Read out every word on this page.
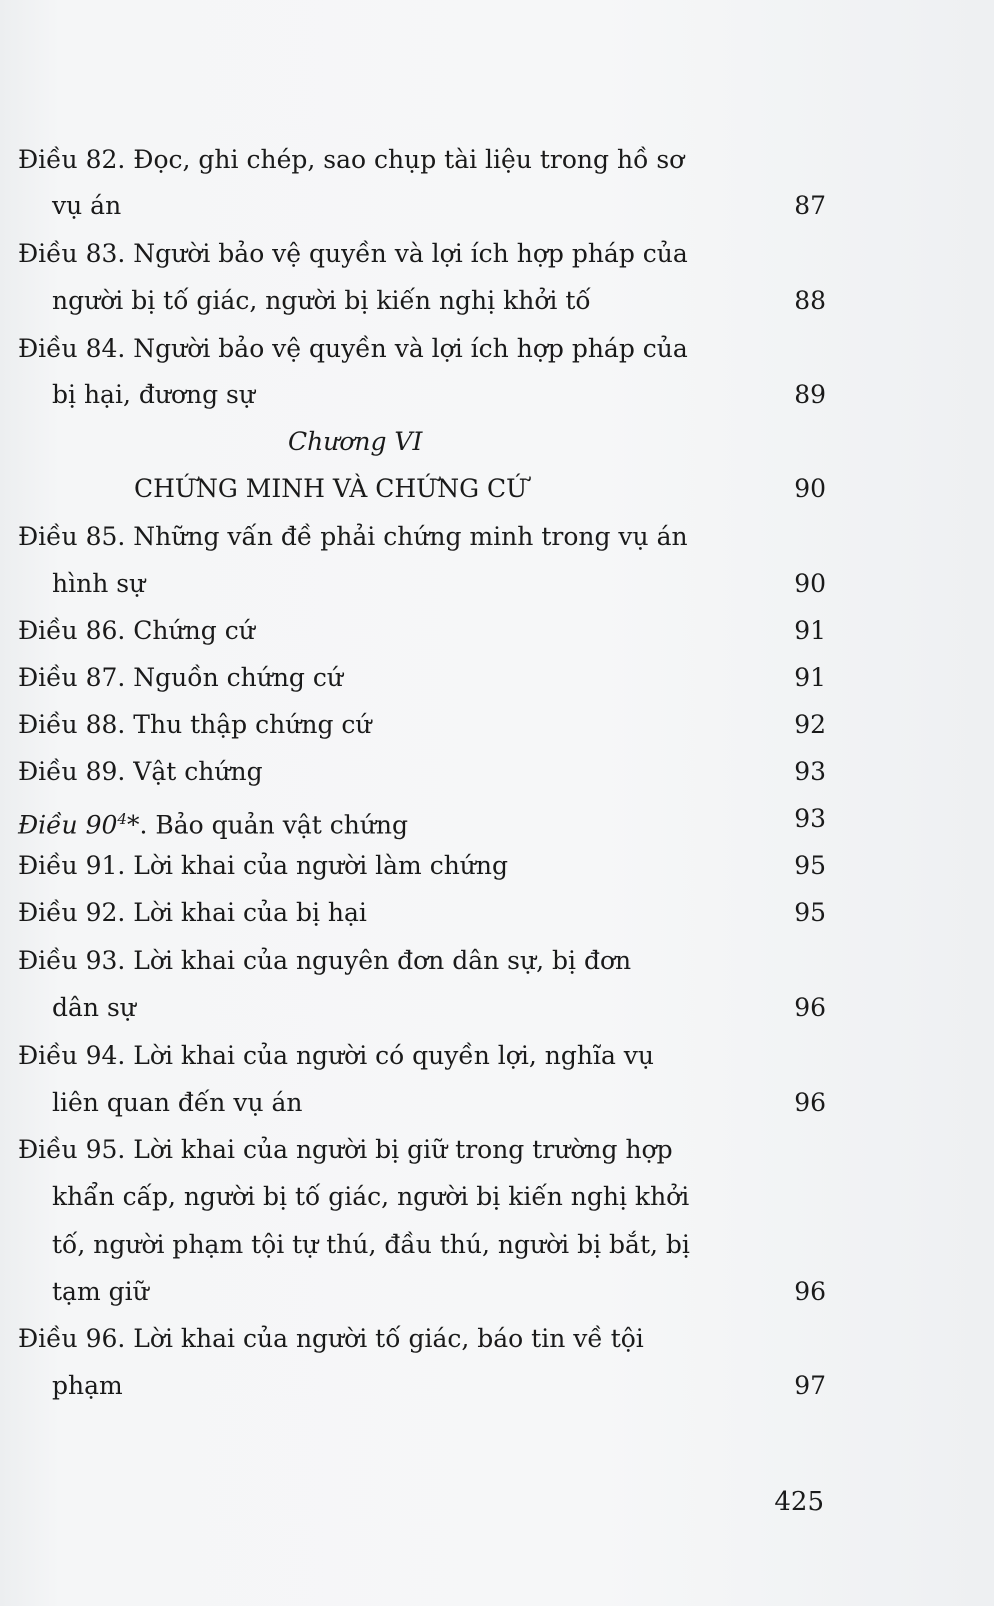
Điều 82. Đọc, ghi chép, sao chụp tài liệu trong hồ sơ
vụ án	87
Điều 83. Người bảo vệ quyền và lợi ích hợp pháp của
người bị tố giác, người bị kiến nghị khởi tố	88
Điều 84. Người bảo vệ quyền và lợi ích hợp pháp của
bị hại, đương sự	89
Chương VI
CHỨNG MINH VÀ CHỨNG CỨ	90
Điều 85. Những vấn đề phải chứng minh trong vụ án
hình sự	90
Điều 86. Chứng cứ	91
Điều 87. Nguồn chứng cứ	91
Điều 88. Thu thập chứng cứ	92
Điều 89. Vật chứng	93
Điều $90^4*$. Bảo quản vật chứng	93
Điều 91. Lời khai của người làm chứng	95
Điều 92. Lời khai của bị hại	95
Điều 93. Lời khai của nguyên đơn dân sự, bị đơn
dân sự	96
Điều 94. Lời khai của người có quyền lợi, nghĩa vụ
liên quan đến vụ án	96
Điều 95. Lời khai của người bị giữ trong trường hợp
khẩn cấp, người bị tố giác, người bị kiến nghị khởi
tố, người phạm tội tự thú, đầu thú, người bị bắt, bị
tạm giữ	96
Điều 96. Lời khai của người tố giác, báo tin về tội
phạm	97
425
